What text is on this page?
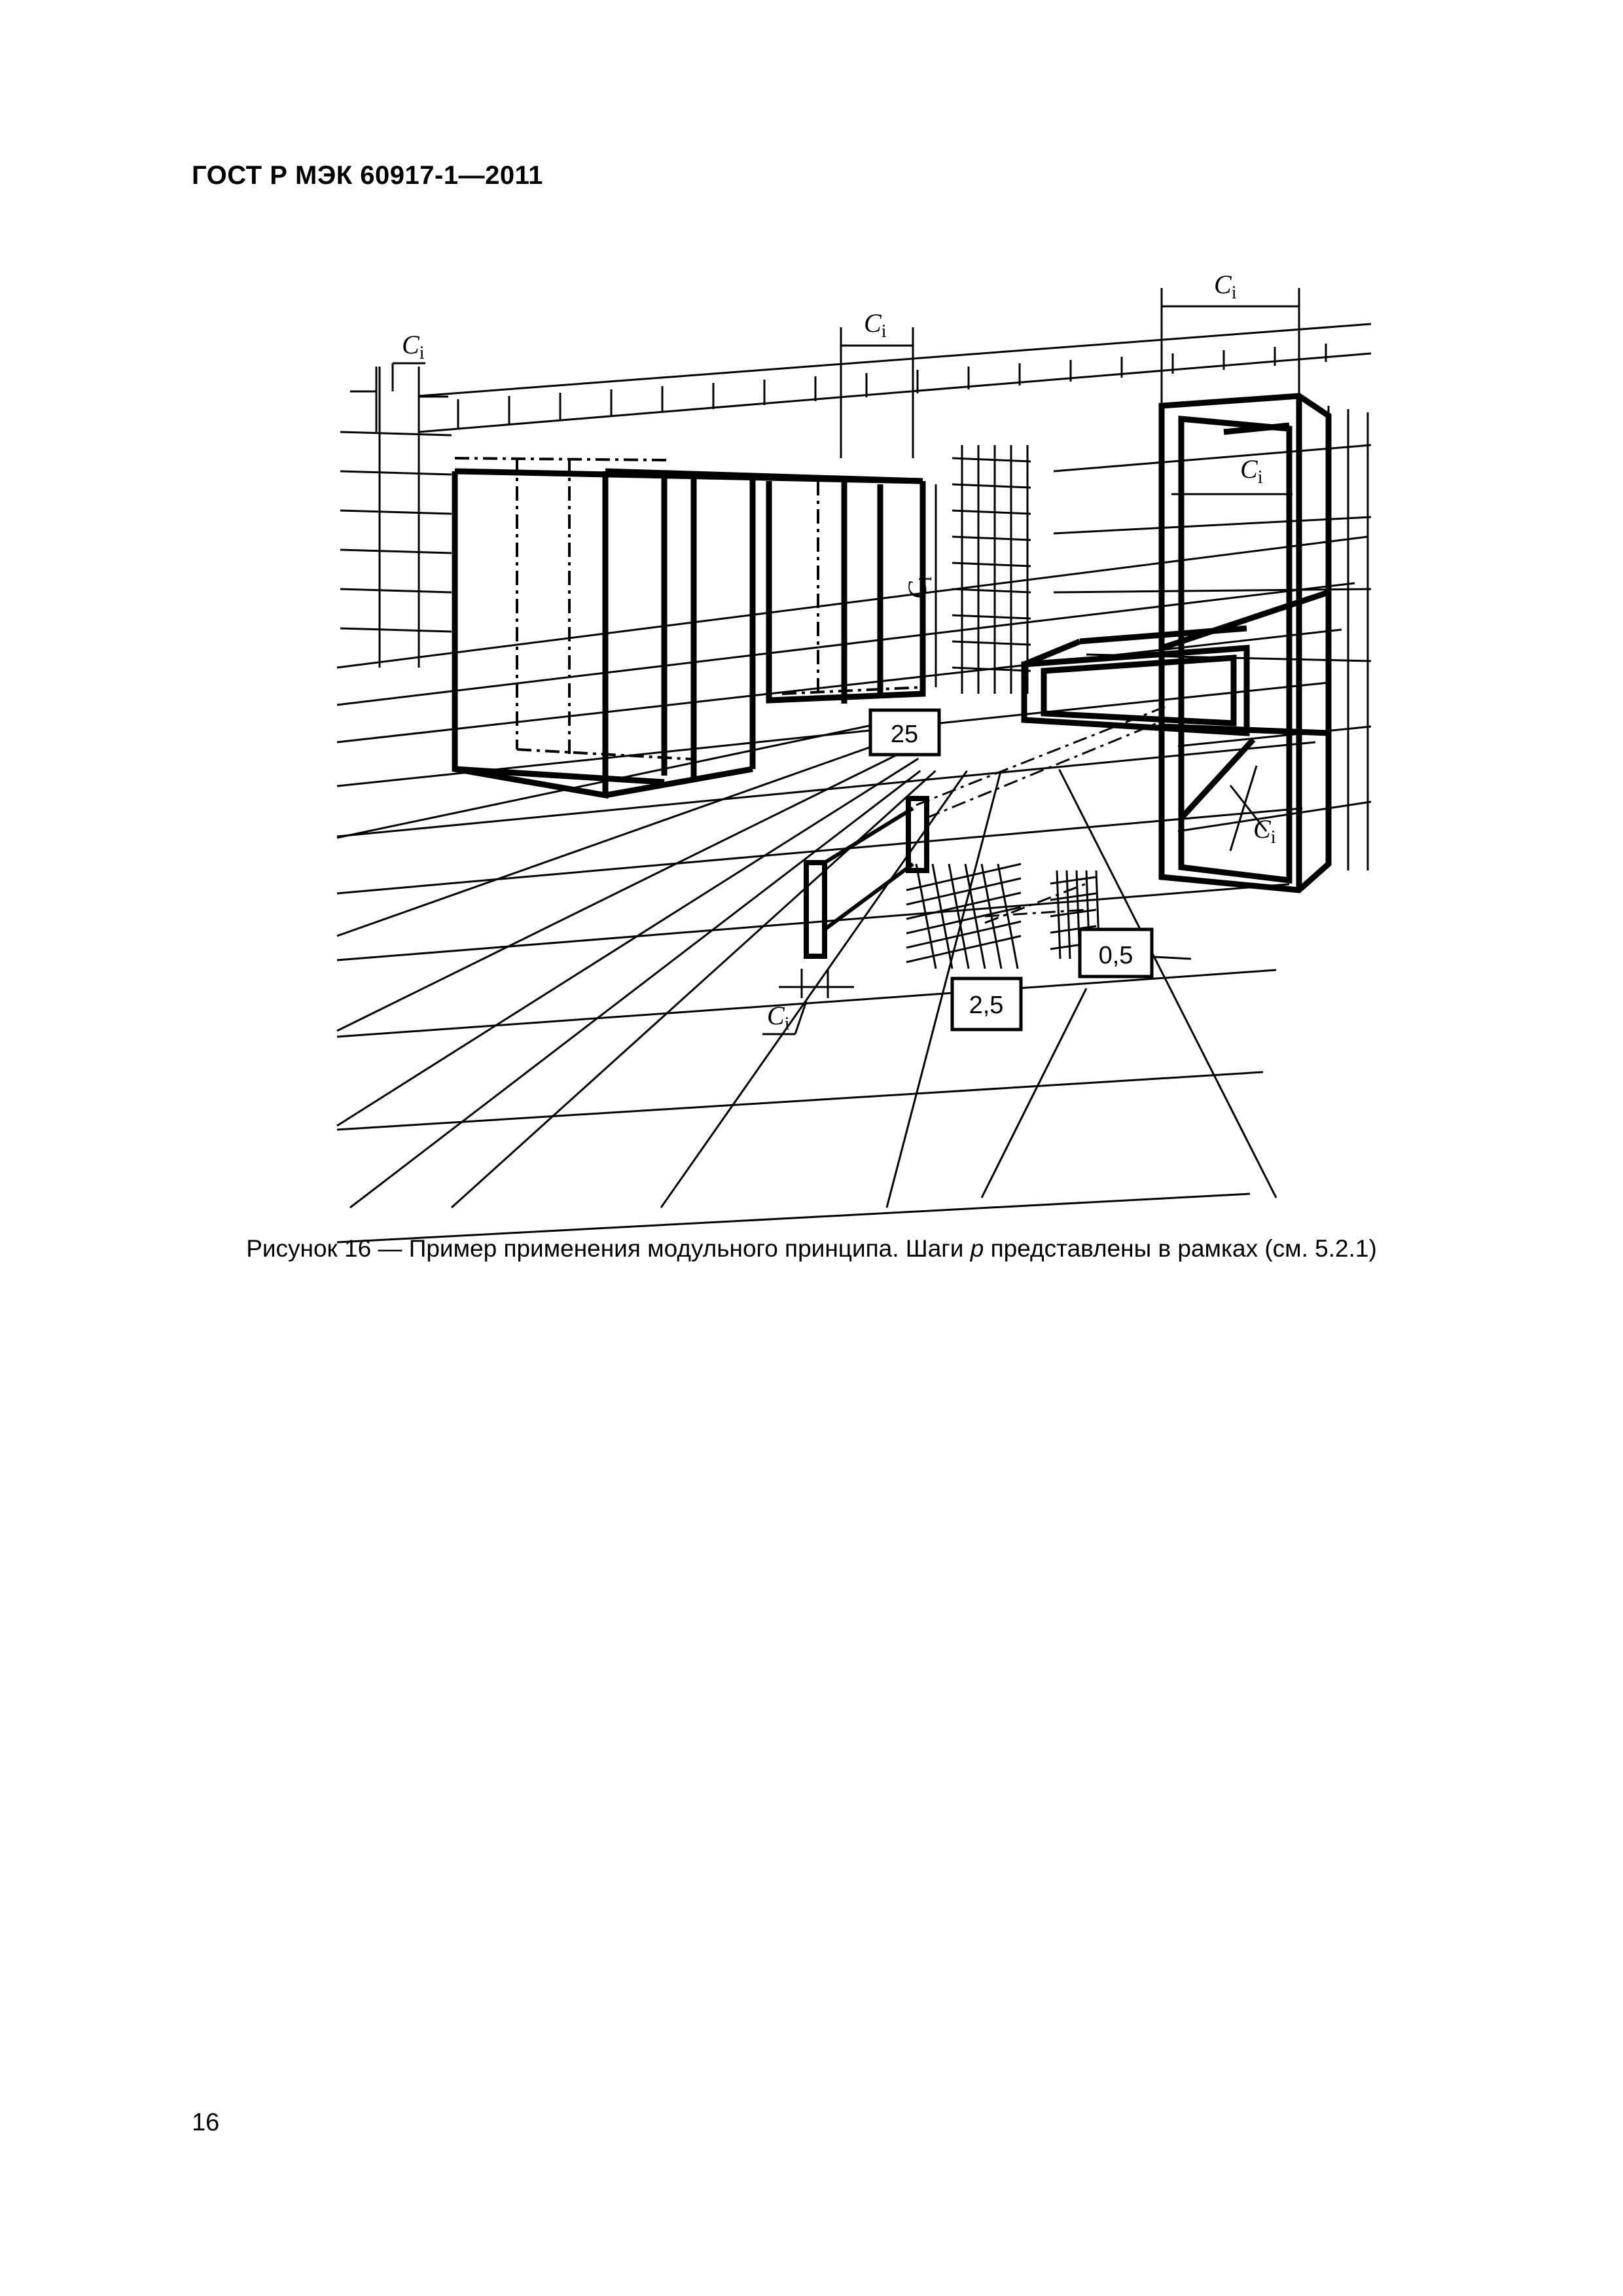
ГОСТ Р МЭК 60917-1—2011
25
0,5
2,5
$C_i$
$C_i$
$C_i$
$C_i$
$C_i$
$C_i$
$C_i$
Рисунок 16 — Пример применения модульного принципа. Шаги p представлены в рамках (см. 5.2.1)
16
